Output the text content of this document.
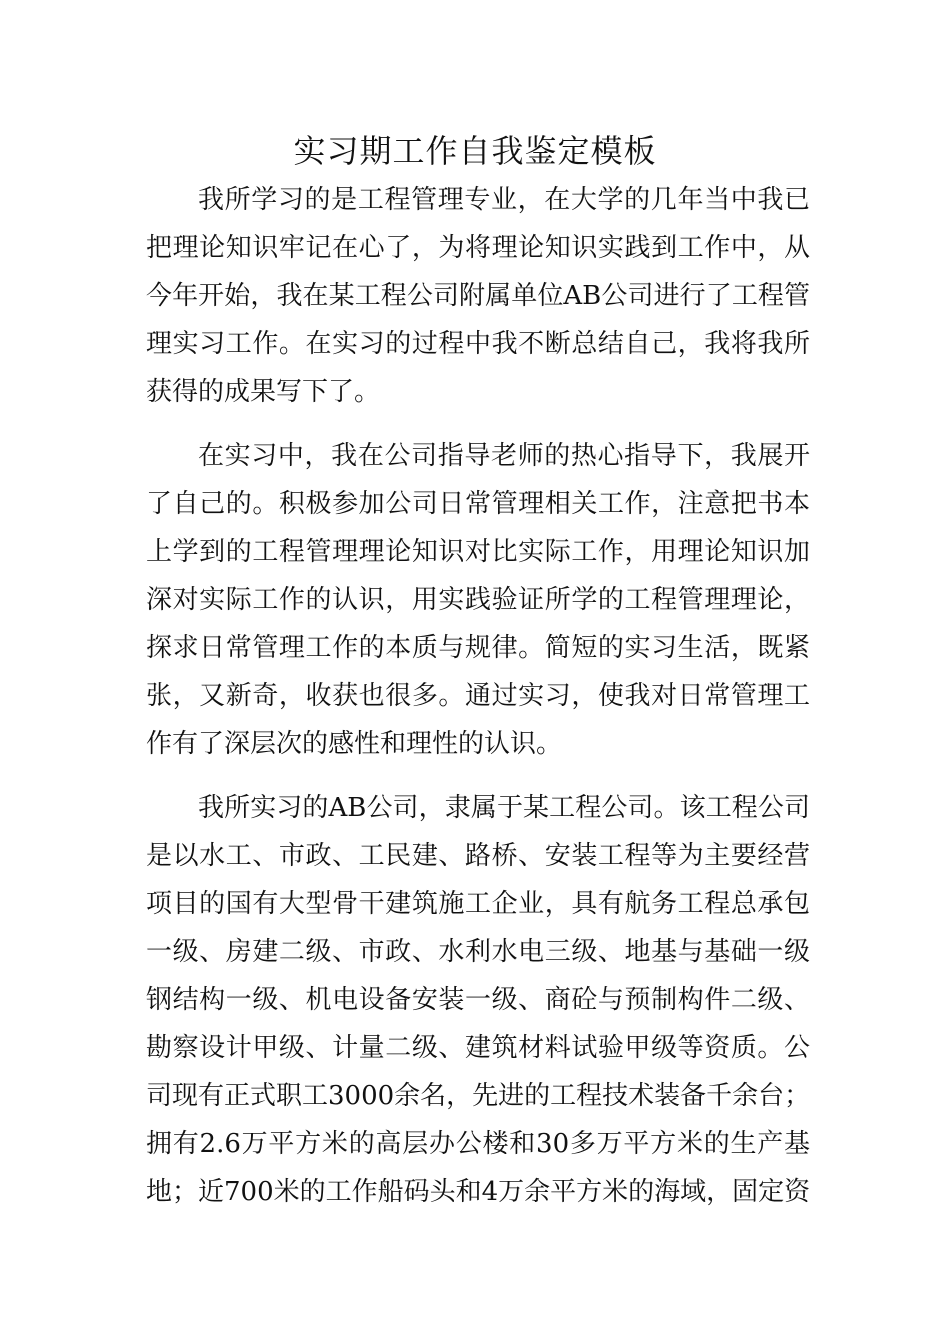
实习期工作自我鉴定模板
我所学习的是工程管理专业，在大学的几年当中我已
把理论知识牢记在心了，为将理论知识实践到工作中，从
今年开始，我在某工程公司附属单位AB公司进行了工程管
理实习工作。在实习的过程中我不断总结自己，我将我所
获得的成果写下了。
在实习中，我在公司指导老师的热心指导下，我展开
了自己的。积极参加公司日常管理相关工作，注意把书本
上学到的工程管理理论知识对比实际工作，用理论知识加
深对实际工作的认识，用实践验证所学的工程管理理论，
探求日常管理工作的本质与规律。简短的实习生活，既紧
张，又新奇，收获也很多。通过实习，使我对日常管理工
作有了深层次的感性和理性的认识。
我所实习的AB公司，隶属于某工程公司。该工程公司
是以水工、市政、工民建、路桥、安装工程等为主要经营
项目的国有大型骨干建筑施工企业，具有航务工程总承包
一级、房建二级、市政、水利水电三级、地基与基础一级
钢结构一级、机电设备安装一级、商砼与预制构件二级、
勘察设计甲级、计量二级、建筑材料试验甲级等资质。公
司现有正式职工3000余名，先进的工程技术装备千余台；
拥有2.6万平方米的高层办公楼和30多万平方米的生产基
地；近700米的工作船码头和4万余平方米的海域，固定资
